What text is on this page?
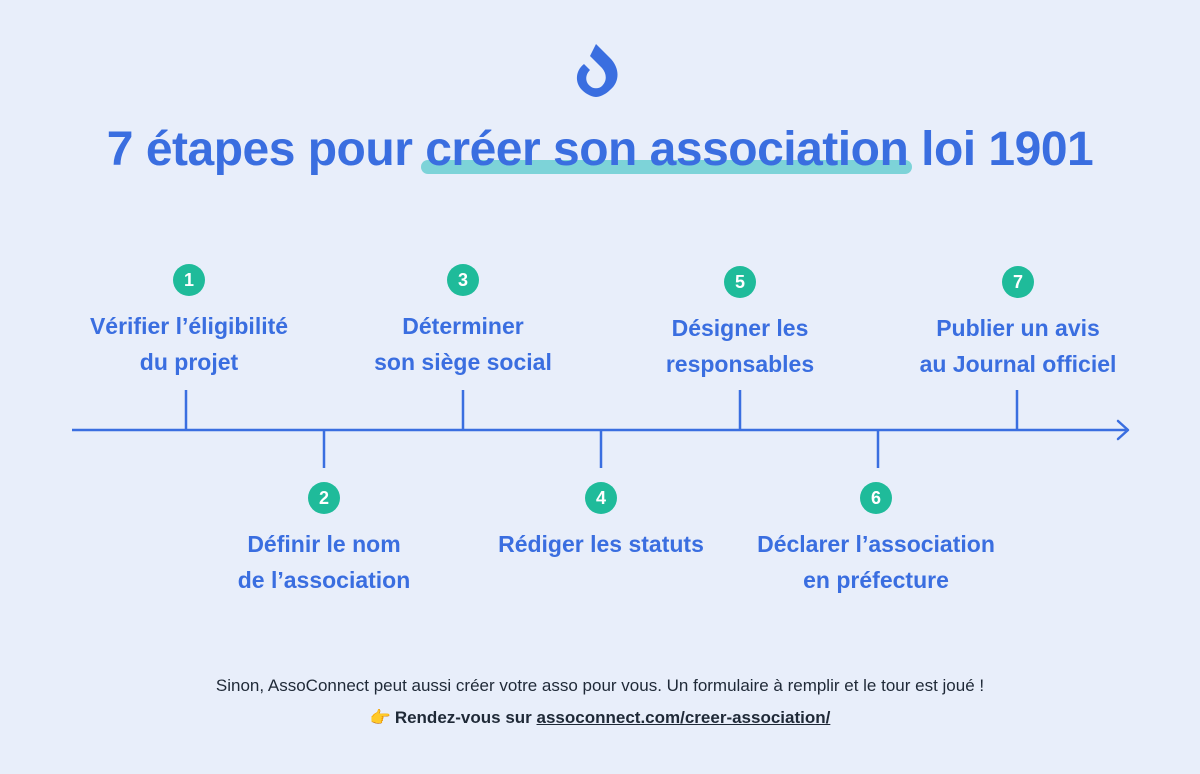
7 étapes pour créer son association loi 1901
1
Vérifier l’éligibilité
du projet
2
Définir le nom
de l’association
3
Déterminer
son siège social
4
Rédiger les statuts
5
Désigner les
responsables
6
Déclarer l’association
en préfecture
7
Publier un avis
au Journal officiel
Sinon, AssoConnect peut aussi créer votre asso pour vous. Un formulaire à remplir et le tour est joué !
👉 Rendez-vous sur assoconnect.com/creer-association/
